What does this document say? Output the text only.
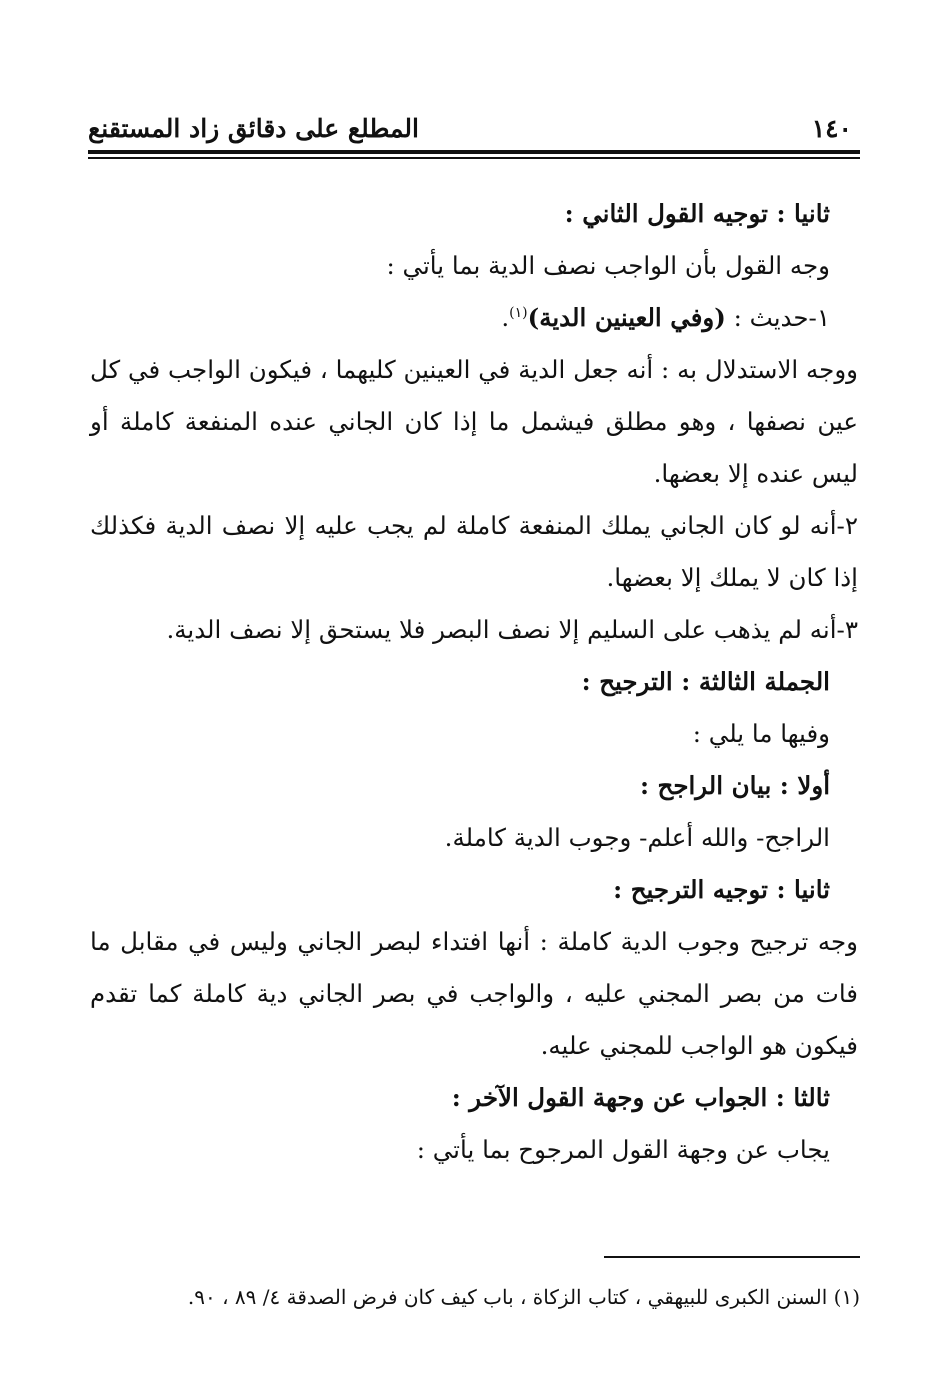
١٤٠
المطلع على دقائق زاد المستقنع

ثانيا : توجيه القول الثاني :

وجه القول بأن الواجب نصف الدية بما يأتي :

١-حديث : (وفي العينين الدية)$^{(١)}$.

ووجه الاستدلال به : أنه جعل الدية في العينين كليهما ، فيكون الواجب في كل عين نصفها ، وهو مطلق فيشمل ما إذا كان الجاني عنده المنفعة كاملة أو ليس عنده إلا بعضها.

٢-أنه لو كان الجاني يملك المنفعة كاملة لم يجب عليه إلا نصف الدية فكذلك إذا كان لا يملك إلا بعضها.

٣-أنه لم يذهب على السليم إلا نصف البصر فلا يستحق إلا نصف الدية.

الجملة الثالثة : الترجيح :

وفيها ما يلي :

أولا : بيان الراجح :

الراجح- والله أعلم- وجوب الدية كاملة.

ثانيا : توجيه الترجيح :

وجه ترجيح وجوب الدية كاملة : أنها افتداء لبصر الجاني وليس في مقابل ما فات من بصر المجني عليه ، والواجب في بصر الجاني دية كاملة كما تقدم فيكون هو الواجب للمجني عليه.

ثالثا : الجواب عن وجهة القول الآخر :

يجاب عن وجهة القول المرجوح بما يأتي :

(١) السنن الكبرى للبيهقي ، كتاب الزكاة ، باب كيف كان فرض الصدقة ٤/ ٨٩ ، ٩٠.
